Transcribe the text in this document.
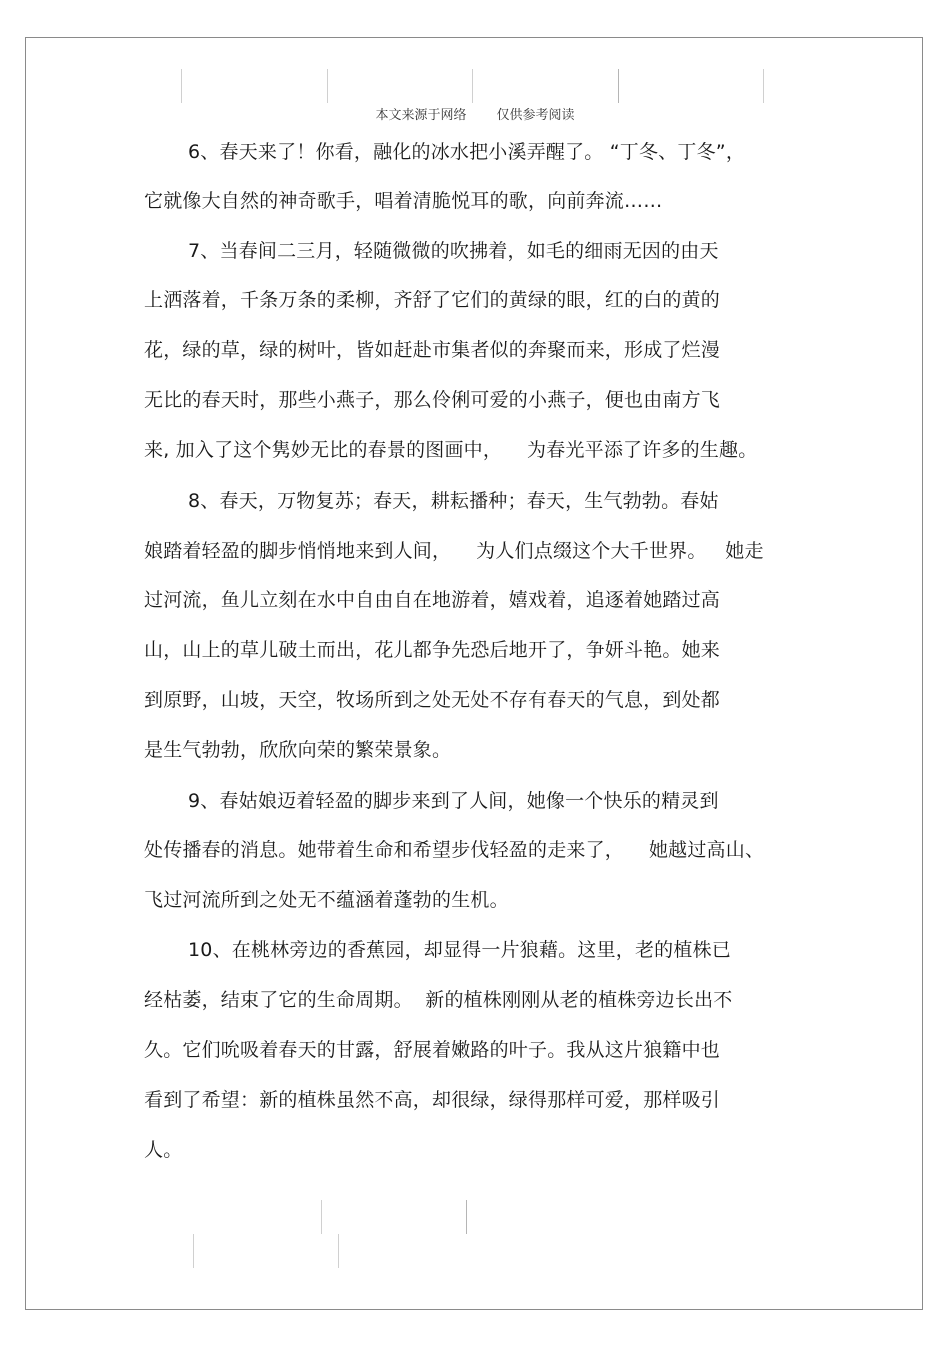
本文来源于网络 仅供参考阅读
6、春天来了！你看，融化的冰水把小溪弄醒了。 “丁冬、丁冬”，
它就像大自然的神奇歌手，唱着清脆悦耳的歌，向前奔流……
7、当春间二三月，轻随微微的吹拂着，如毛的细雨无因的由天
上洒落着，千条万条的柔柳，齐舒了它们的黄绿的眼，红的白的黄的
花，绿的草，绿的树叶，皆如赶赴市集者似的奔聚而来，形成了烂漫
无比的春天时，那些小燕子，那么伶俐可爱的小燕子，便也由南方飞
来, 加入了这个隽妙无比的春景的图画中，    为春光平添了许多的生趣。
8、春天，万物复苏；春天，耕耘播种；春天，生气勃勃。春姑
娘踏着轻盈的脚步悄悄地来到人间，    为人们点缀这个大千世界。   她走
过河流，鱼儿立刻在水中自由自在地游着，嬉戏着，追逐着她踏过高
山，山上的草儿破土而出，花儿都争先恐后地开了，争妍斗艳。她来
到原野，山坡，天空，牧场所到之处无处不存有春天的气息，到处都
是生气勃勃，欣欣向荣的繁荣景象。
9、春姑娘迈着轻盈的脚步来到了人间，她像一个快乐的精灵到
处传播春的消息。她带着生命和希望步伐轻盈的走来了，    她越过高山、
飞过河流所到之处无不蕴涵着蓬勃的生机。
10、在桃林旁边的香蕉园，却显得一片狼藉。这里，老的植株已
经枯萎，结束了它的生命周期。  新的植株刚刚从老的植株旁边长出不
久。它们吮吸着春天的甘露，舒展着嫩路的叶子。我从这片狼籍中也
看到了希望：新的植株虽然不高，却很绿，绿得那样可爱，那样吸引
人。
